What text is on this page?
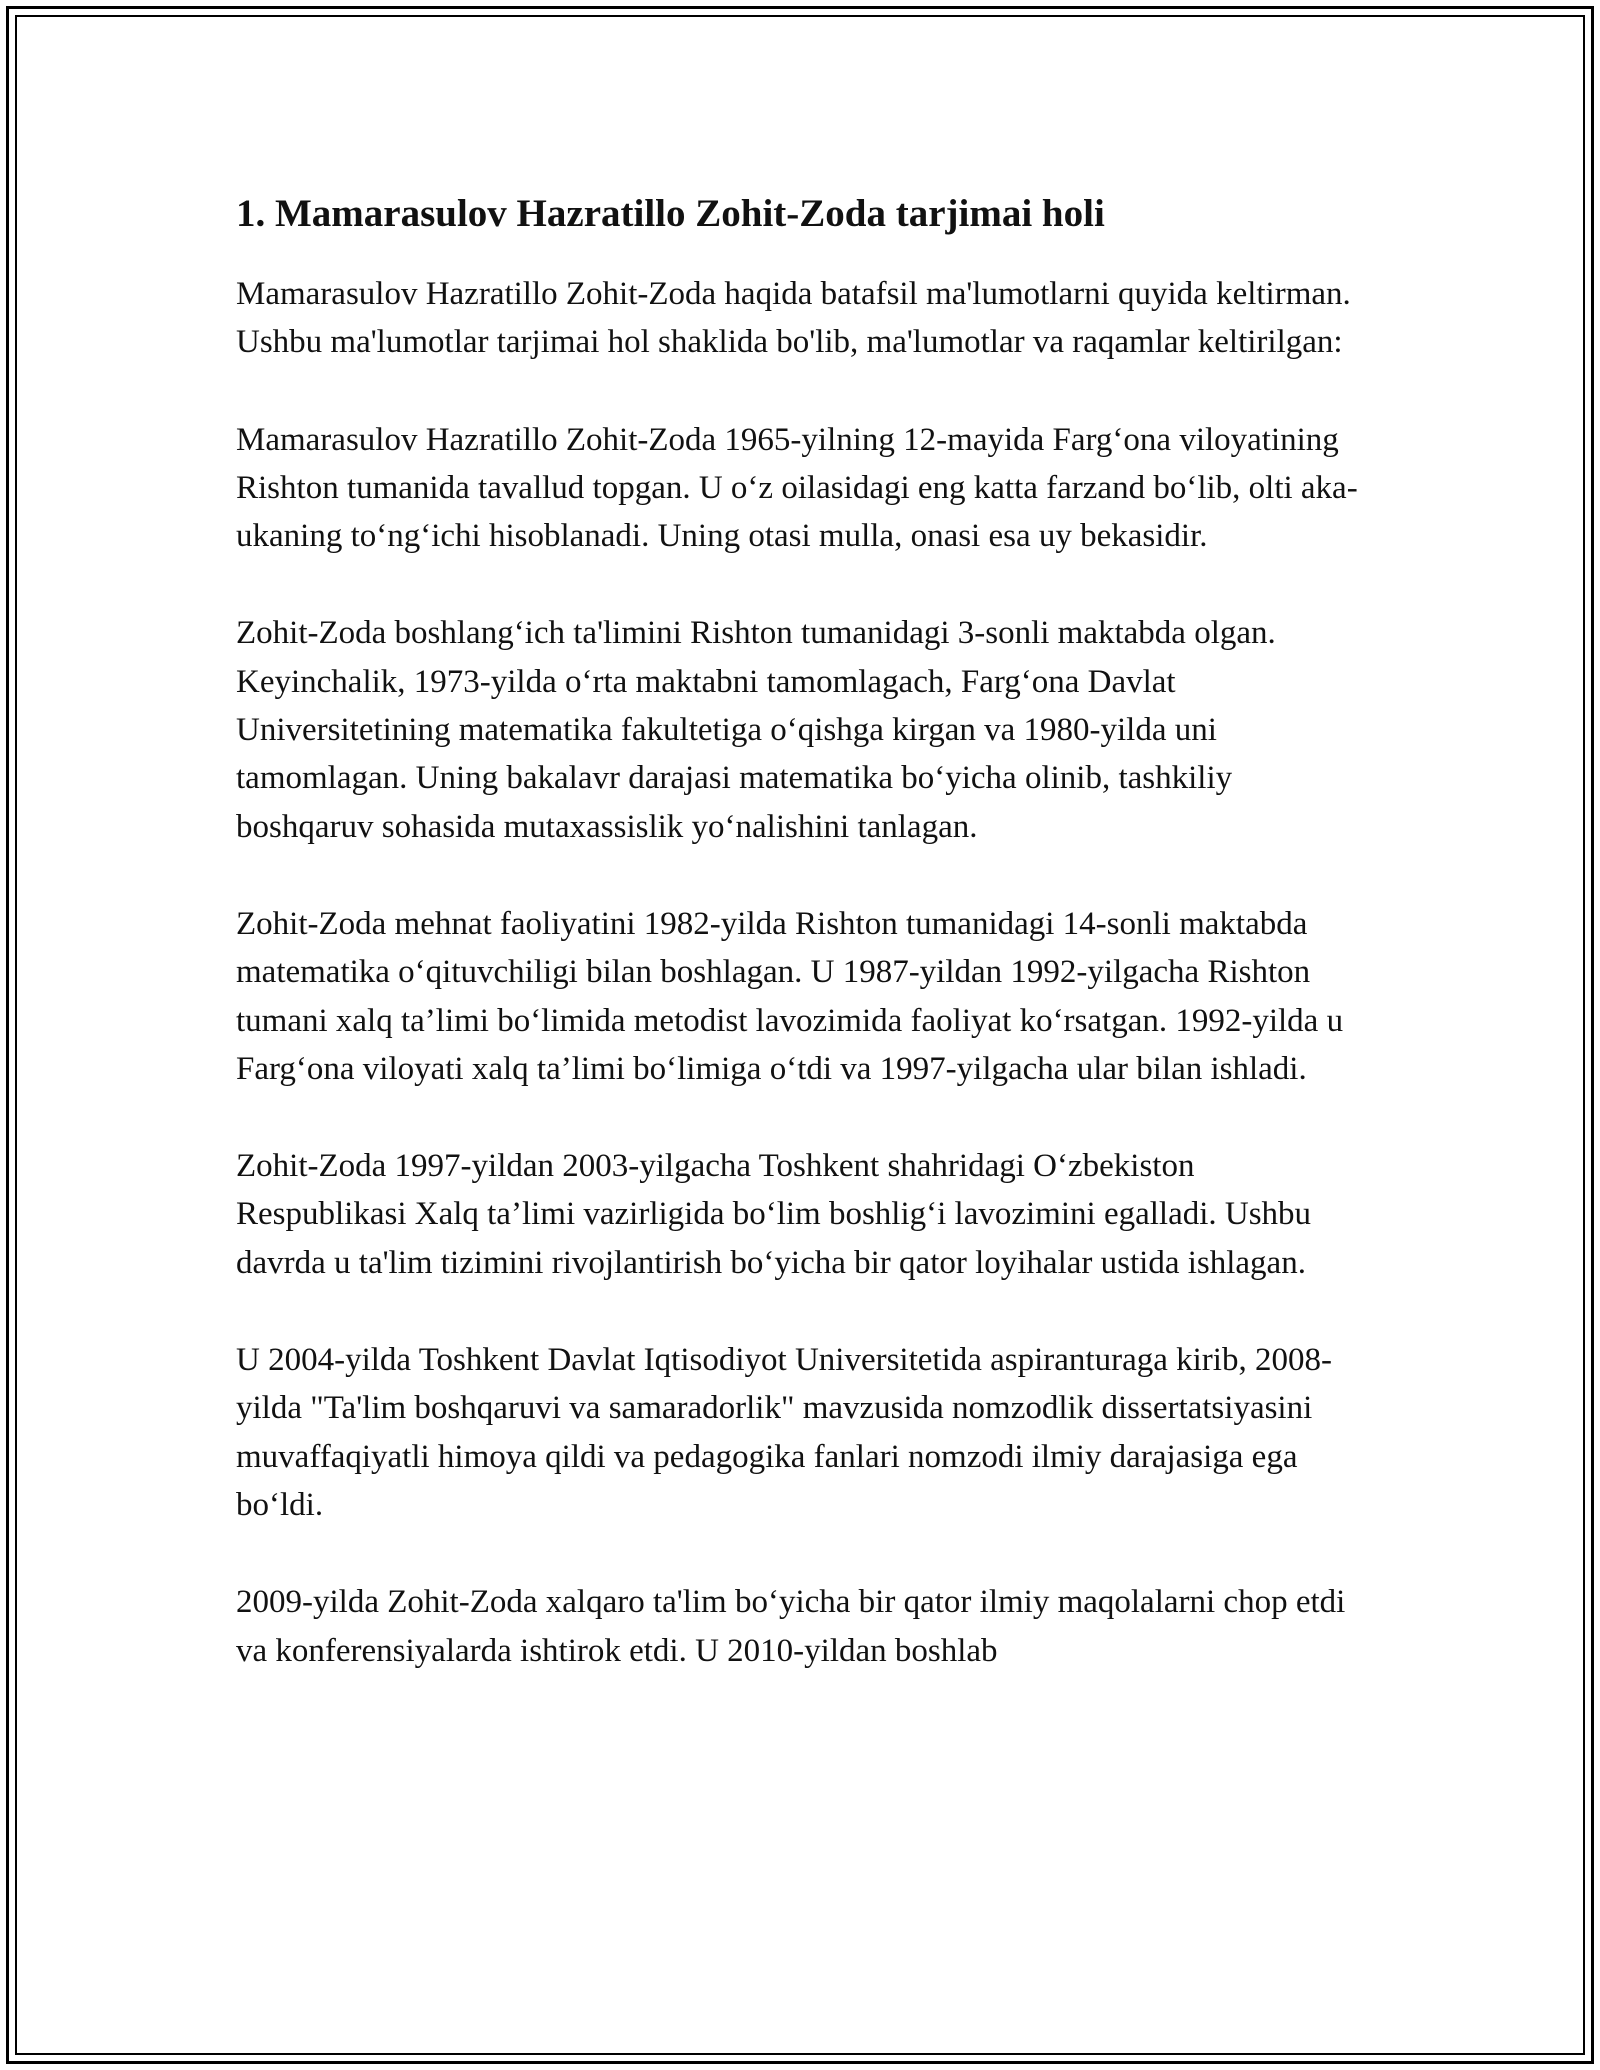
1. Mamarasulov Hazratillo Zohit-Zoda tarjimai holi

Mamarasulov Hazratillo Zohit-Zoda haqida batafsil ma'lumotlarni quyida keltirman. Ushbu ma'lumotlar tarjimai hol shaklida bo'lib, ma'lumotlar va raqamlar keltirilgan:

Mamarasulov Hazratillo Zohit-Zoda 1965-yilning 12-mayida Farg‘ona viloyatining Rishton tumanida tavallud topgan. U o‘z oilasidagi eng katta farzand bo‘lib, olti aka-ukaning to‘ng‘ichi hisoblanadi. Uning otasi mulla, onasi esa uy bekasidir.

Zohit-Zoda boshlang‘ich ta'limini Rishton tumanidagi 3-sonli maktabda olgan. Keyinchalik, 1973-yilda o‘rta maktabni tamomlagach, Farg‘ona Davlat Universitetining matematika fakultetiga o‘qishga kirgan va 1980-yilda uni tamomlagan. Uning bakalavr darajasi matematika bo‘yicha olinib, tashkiliy boshqaruv sohasida mutaxassislik yo‘nalishini tanlagan.

Zohit-Zoda mehnat faoliyatini 1982-yilda Rishton tumanidagi 14-sonli maktabda matematika o‘qituvchiligi bilan boshlagan. U 1987-yildan 1992-yilgacha Rishton tumani xalq ta’limi bo‘limida metodist lavozimida faoliyat ko‘rsatgan. 1992-yilda u Farg‘ona viloyati xalq ta’limi bo‘limiga o‘tdi va 1997-yilgacha ular bilan ishladi.

Zohit-Zoda 1997-yildan 2003-yilgacha Toshkent shahridagi O‘zbekiston Respublikasi Xalq ta’limi vazirligida bo‘lim boshlig‘i lavozimini egalladi. Ushbu davrda u ta'lim tizimini rivojlantirish bo‘yicha bir qator loyihalar ustida ishlagan.

U 2004-yilda Toshkent Davlat Iqtisodiyot Universitetida aspiranturaga kirib, 2008-yilda "Ta'lim boshqaruvi va samaradorlik" mavzusida nomzodlik dissertatsiyasini muvaffaqiyatli himoya qildi va pedagogika fanlari nomzodi ilmiy darajasiga ega bo‘ldi.

2009-yilda Zohit-Zoda xalqaro ta'lim bo‘yicha bir qator ilmiy maqolalarni chop etdi va konferensiyalarda ishtirok etdi. U 2010-yildan boshlab
